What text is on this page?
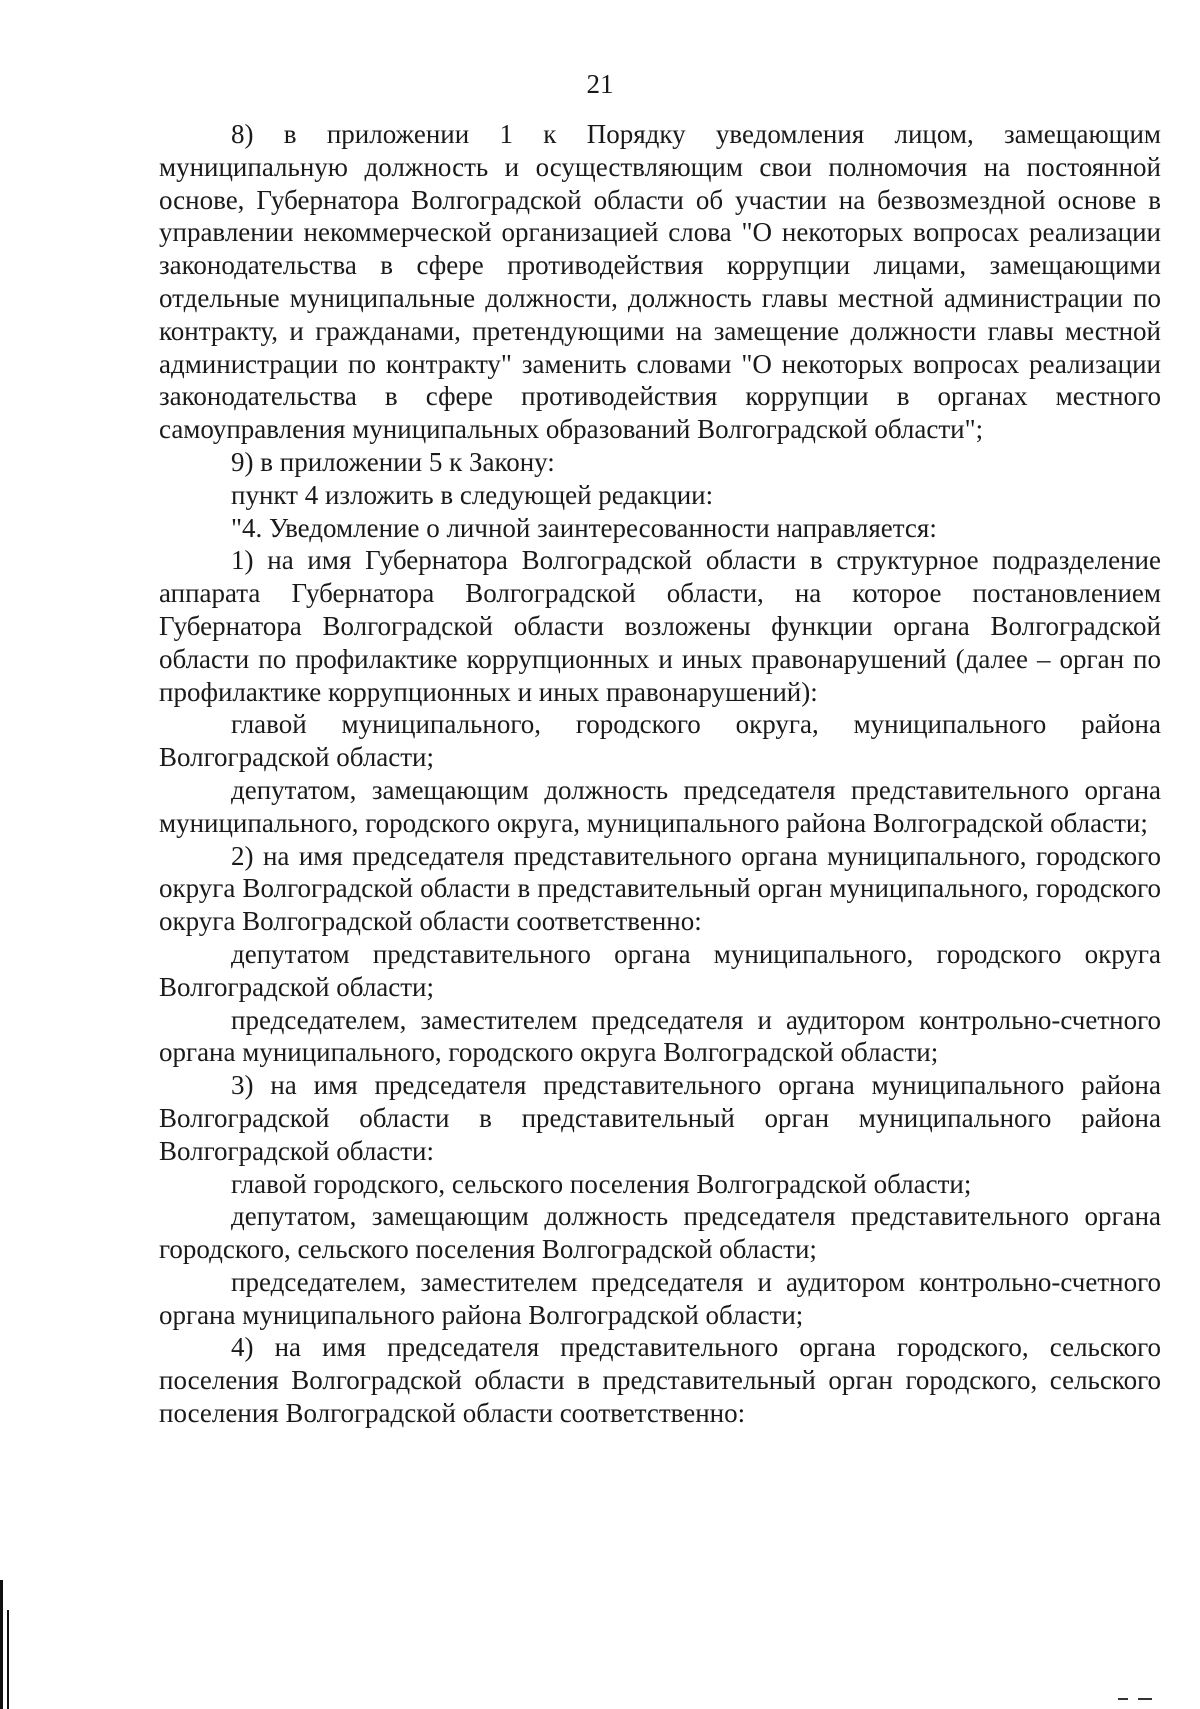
21

8) в приложении 1 к Порядку уведомления лицом, замещающим муниципальную должность и осуществляющим свои полномочия на постоянной основе, Губернатора Волгоградской области об участии на безвозмездной основе в управлении некоммерческой организацией слова "О некоторых вопросах реализации законодательства в сфере противодействия коррупции лицами, замещающими отдельные муниципальные должности, должность главы местной администрации по контракту, и гражданами, претендующими на замещение должности главы местной администрации по контракту" заменить словами "О некоторых вопросах реализации законодательства в сфере противодействия коррупции в органах местного самоуправления муниципальных образований Волгоградской области";

9) в приложении 5 к Закону:

пункт 4 изложить в следующей редакции:

"4. Уведомление о личной заинтересованности направляется:

1) на имя Губернатора Волгоградской области в структурное подразделение аппарата Губернатора Волгоградской области, на которое постановлением Губернатора Волгоградской области возложены функции органа Волгоградской области по профилактике коррупционных и иных правонарушений (далее – орган по профилактике коррупционных и иных правонарушений):

главой муниципального, городского округа, муниципального района Волгоградской области;

депутатом, замещающим должность председателя представительного органа муниципального, городского округа, муниципального района Волгоградской области;

2) на имя председателя представительного органа муниципального, городского округа Волгоградской области в представительный орган муниципального, городского округа Волгоградской области соответственно:

депутатом представительного органа муниципального, городского округа Волгоградской области;

председателем, заместителем председателя и аудитором контрольно-счетного органа муниципального, городского округа Волгоградской области;

3) на имя председателя представительного органа муниципального района Волгоградской области в представительный орган муниципального района Волгоградской области:

главой городского, сельского поселения Волгоградской области;

депутатом, замещающим должность председателя представительного органа городского, сельского поселения Волгоградской области;

председателем, заместителем председателя и аудитором контрольно-счетного органа муниципального района Волгоградской области;

4) на имя председателя представительного органа городского, сельского поселения Волгоградской области в представительный орган городского, сельского поселения Волгоградской области соответственно:
